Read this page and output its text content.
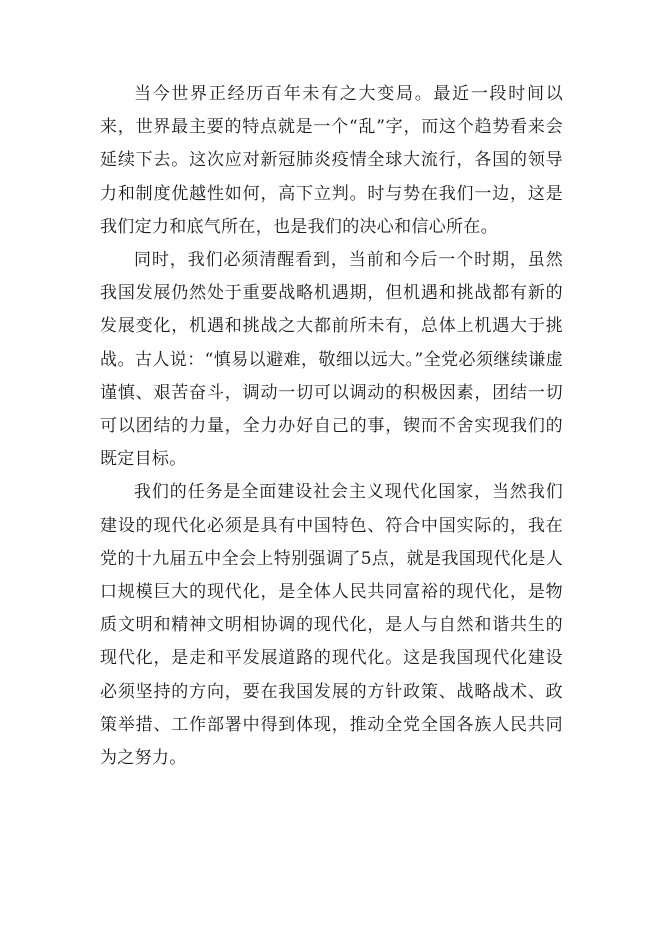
当今世界正经历百年未有之大变局。最近一段时间以来，世界最主要的特点就是一个“乱”字，而这个趋势看来会延续下去。这次应对新冠肺炎疫情全球大流行，各国的领导力和制度优越性如何，高下立判。时与势在我们一边，这是我们定力和底气所在，也是我们的决心和信心所在。

同时，我们必须清醒看到，当前和今后一个时期，虽然我国发展仍然处于重要战略机遇期，但机遇和挑战都有新的发展变化，机遇和挑战之大都前所未有，总体上机遇大于挑战。古人说：“慎易以避难，敬细以远大。”全党必须继续谦虚谨慎、艰苦奋斗，调动一切可以调动的积极因素，团结一切可以团结的力量，全力办好自己的事，锲而不舍实现我们的既定目标。

我们的任务是全面建设社会主义现代化国家，当然我们建设的现代化必须是具有中国特色、符合中国实际的，我在党的十九届五中全会上特别强调了5点，就是我国现代化是人口规模巨大的现代化，是全体人民共同富裕的现代化，是物质文明和精神文明相协调的现代化，是人与自然和谐共生的现代化，是走和平发展道路的现代化。这是我国现代化建设必须坚持的方向，要在我国发展的方针政策、战略战术、政策举措、工作部署中得到体现，推动全党全国各族人民共同为之努力。
